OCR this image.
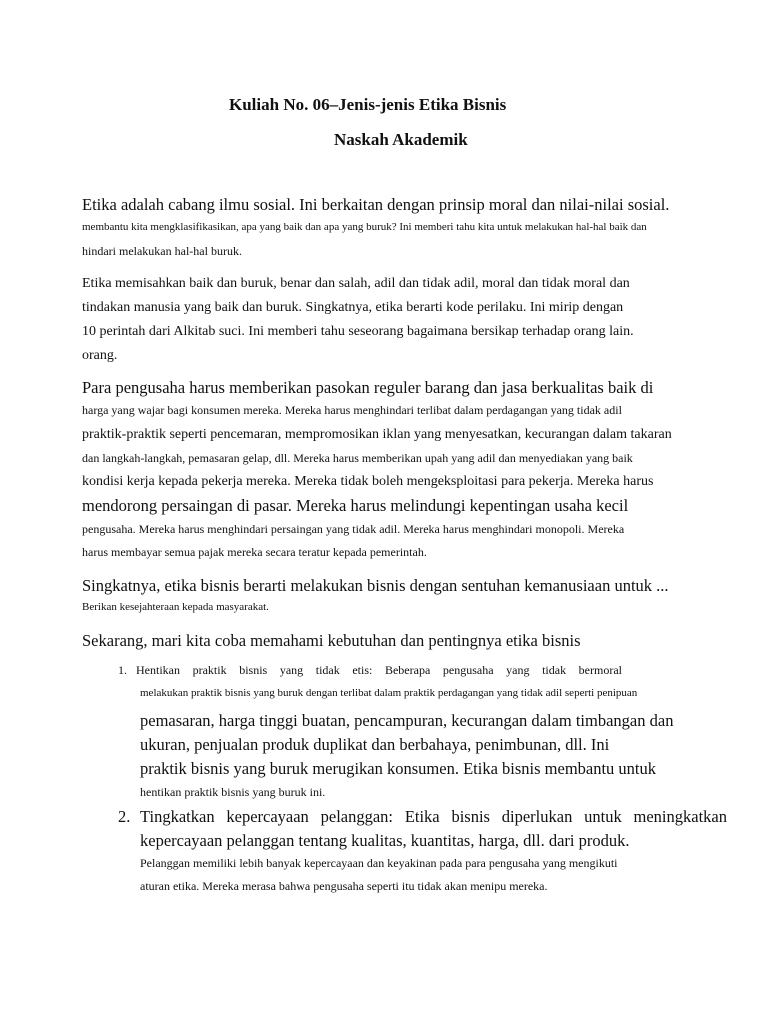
Kuliah No. 06–Jenis-jenis Etika Bisnis
Naskah Akademik
Etika adalah cabang ilmu sosial. Ini berkaitan dengan prinsip moral dan nilai-nilai sosial.
membantu kita mengklasifikasikan, apa yang baik dan apa yang buruk? Ini memberi tahu kita untuk melakukan hal-hal baik dan
hindari melakukan hal-hal buruk.
Etika memisahkan baik dan buruk, benar dan salah, adil dan tidak adil, moral dan tidak moral dan
tindakan manusia yang baik dan buruk. Singkatnya, etika berarti kode perilaku. Ini mirip dengan
10 perintah dari Alkitab suci. Ini memberi tahu seseorang bagaimana bersikap terhadap orang lain.
orang.
Para pengusaha harus memberikan pasokan reguler barang dan jasa berkualitas baik di
harga yang wajar bagi konsumen mereka. Mereka harus menghindari terlibat dalam perdagangan yang tidak adil
praktik-praktik seperti pencemaran, mempromosikan iklan yang menyesatkan, kecurangan dalam takaran
dan langkah-langkah, pemasaran gelap, dll. Mereka harus memberikan upah yang adil dan menyediakan yang baik
kondisi kerja kepada pekerja mereka. Mereka tidak boleh mengeksploitasi para pekerja. Mereka harus
mendorong persaingan di pasar. Mereka harus melindungi kepentingan usaha kecil
pengusaha. Mereka harus menghindari persaingan yang tidak adil. Mereka harus menghindari monopoli. Mereka
harus membayar semua pajak mereka secara teratur kepada pemerintah.
Singkatnya, etika bisnis berarti melakukan bisnis dengan sentuhan kemanusiaan untuk ...
Berikan kesejahteraan kepada masyarakat.
Sekarang, mari kita coba memahami kebutuhan dan pentingnya etika bisnis
1. Hentikan praktik bisnis yang tidak etis: Beberapa pengusaha yang tidak bermoral
melakukan praktik bisnis yang buruk dengan terlibat dalam praktik perdagangan yang tidak adil seperti penipuan
pemasaran, harga tinggi buatan, pencampuran, kecurangan dalam timbangan dan
ukuran, penjualan produk duplikat dan berbahaya, penimbunan, dll. Ini
praktik bisnis yang buruk merugikan konsumen. Etika bisnis membantu untuk
hentikan praktik bisnis yang buruk ini.
2. Tingkatkan kepercayaan pelanggan: Etika bisnis diperlukan untuk meningkatkan
kepercayaan pelanggan tentang kualitas, kuantitas, harga, dll. dari produk.
Pelanggan memiliki lebih banyak kepercayaan dan keyakinan pada para pengusaha yang mengikuti
aturan etika. Mereka merasa bahwa pengusaha seperti itu tidak akan menipu mereka.
